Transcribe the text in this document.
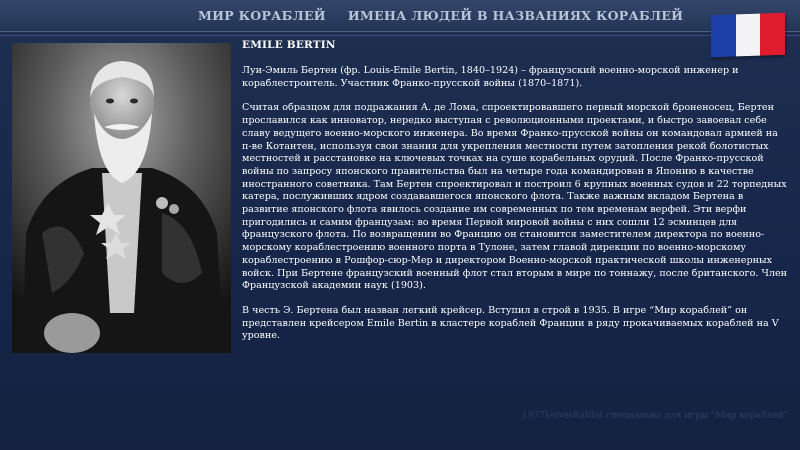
МИР КОРАБЛЕЙ ИМЕНА ЛЮДЕЙ В НАЗВАНИЯХ КОРАБЛЕЙ
EMILE BERTIN

Луи-Эмиль Бертен (фр. Louis-Emile Bertin, 1840–1924) – французский военно-морской инженер и кораблестроитель. Участник Франко-прусской войны (1870–1871).

Считая образцом для подражания А. де Лома, спроектировавшего первый морской броненосец, Бертен прославился как инноватор, нередко выступая с революционными проектами, и быстро завоевал себе славу ведущего военно-морского инженера. Во время Франко-прусской войны он командовал армией на п-ве Котантен, используя свои знания для укрепления местности путем затопления рекой болотистых местностей и расстановке на ключевых точках на суше корабельных орудий. После Франко-прусской войны по запросу японского правительства был на четыре года командирован в Японию в качестве иностранного советника. Там Бертен спроектировал и построил 6 крупных военных судов и 22 торпедных катера, послуживших ядром создававшегося японского флота. Также важным вкладом Бертена в развитие японского флота явилось создание им современных по тем временам верфей. Эти верфи пригодились и самим французам: во время Первой мировой войны с них сошли 12 эсминцев для французского флота. По возвращении во Францию он становится заместителем директора по военно-морскому кораблестроению военного порта в Тулоне, затем главой дирекции по военно-морскому кораблестроению в Рошфор-сюр-Мер и директором Военно-морской практической школы инженерных войск. При Бертене французский военный флот стал вторым в мире по тоннажу, после британского. Член Французской академии наук (1903).

В честь Э. Бертена был назван легкий крейсер. Вступил в строй в 1935. В игре “Мир кораблей” он представлен крейсером Emile Bertin в кластере кораблей Франции в ряду прокачиваемых кораблей на V уровне.

1977VelvetRabbit специально для игры “Мир кораблей”
